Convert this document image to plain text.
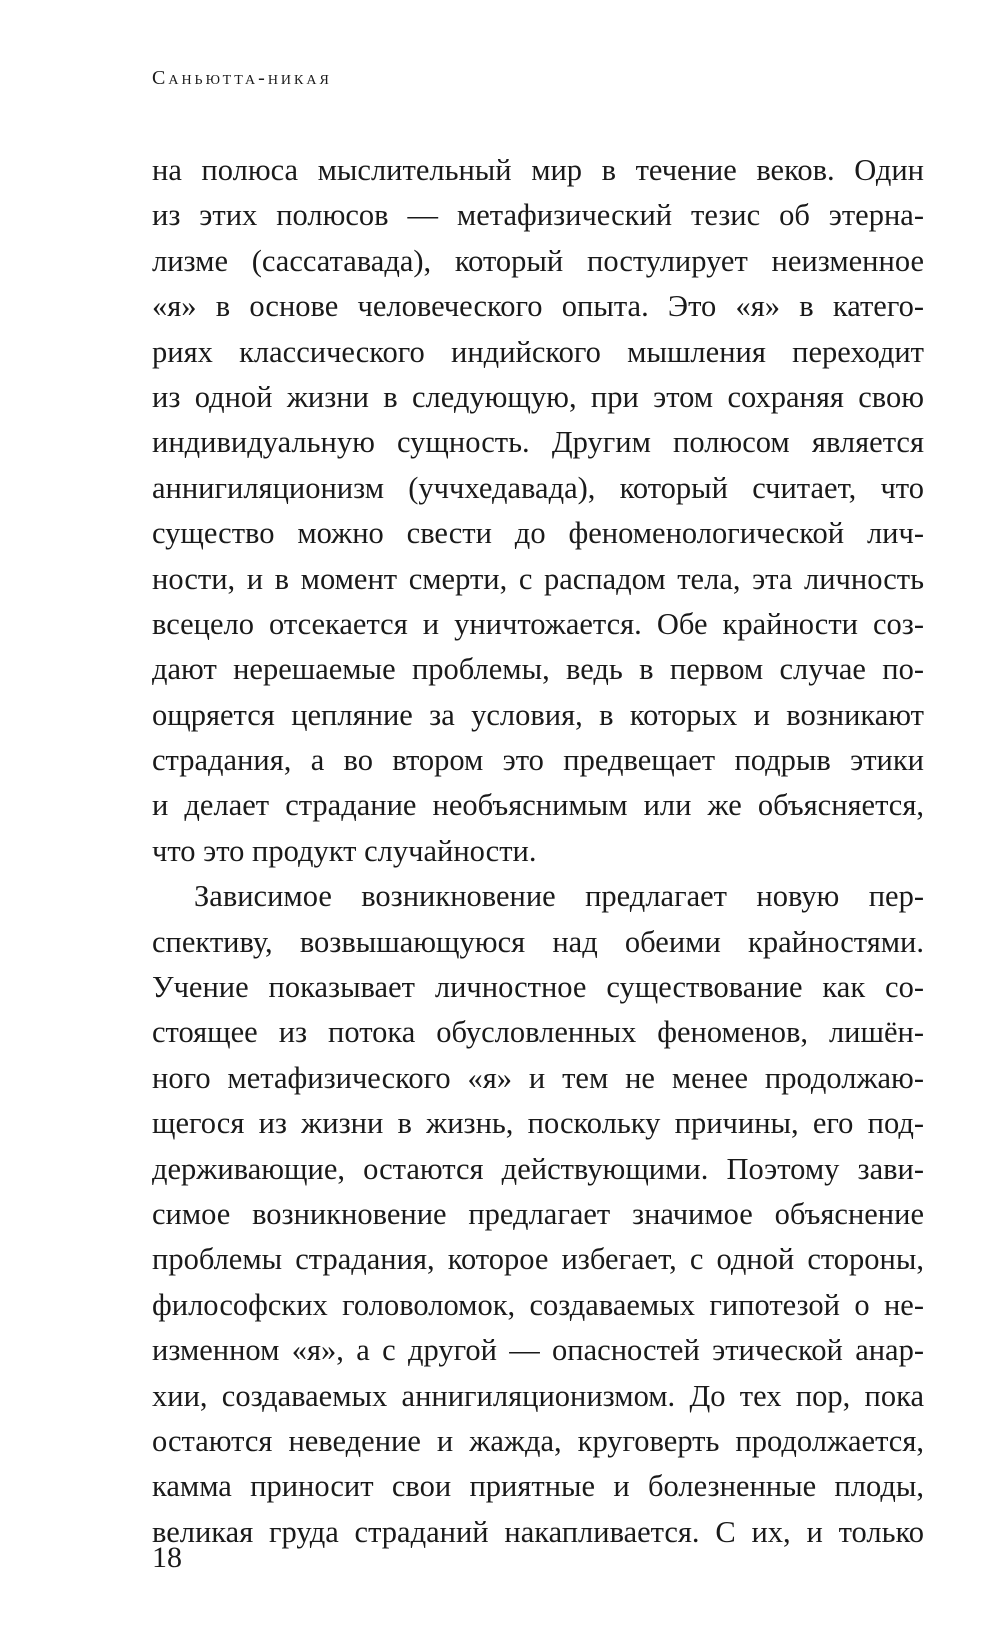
Саньютта-никая
на полюса мыслительный мир в течение веков. Один
из этих полюсов — метафизический тезис об этерна-
лизме (сассатавада), который постулирует неизменное
«я» в основе человеческого опыта. Это «я» в катего-
риях классического индийского мышления переходит
из одной жизни в следующую, при этом сохраняя свою
индивидуальную сущность. Другим полюсом является
аннигиляционизм (уччхедавада), который считает, что
существо можно свести до феноменологической лич-
ности, и в момент смерти, с распадом тела, эта личность
всецело отсекается и уничтожается. Обе крайности соз-
дают нерешаемые проблемы, ведь в первом случае по-
ощряется цепляние за условия, в которых и возникают
страдания, а во втором это предвещает подрыв этики
и делает страдание необъяснимым или же объясняется,
что это продукт случайности.
Зависимое возникновение предлагает новую пер-
спективу, возвышающуюся над обеими крайностями.
Учение показывает личностное существование как со-
стоящее из потока обусловленных феноменов, лишён-
ного метафизического «я» и тем не менее продолжаю-
щегося из жизни в жизнь, поскольку причины, его под-
держивающие, остаются действующими. Поэтому зави-
симое возникновение предлагает значимое объяснение
проблемы страдания, которое избегает, с одной стороны,
философских головоломок, создаваемых гипотезой о не-
изменном «я», а с другой — опасностей этической анар-
хии, создаваемых аннигиляционизмом. До тех пор, пока
остаются неведение и жажда, круговерть продолжается,
камма приносит свои приятные и болезненные плоды,
великая груда страданий накапливается. С их, и только
18
